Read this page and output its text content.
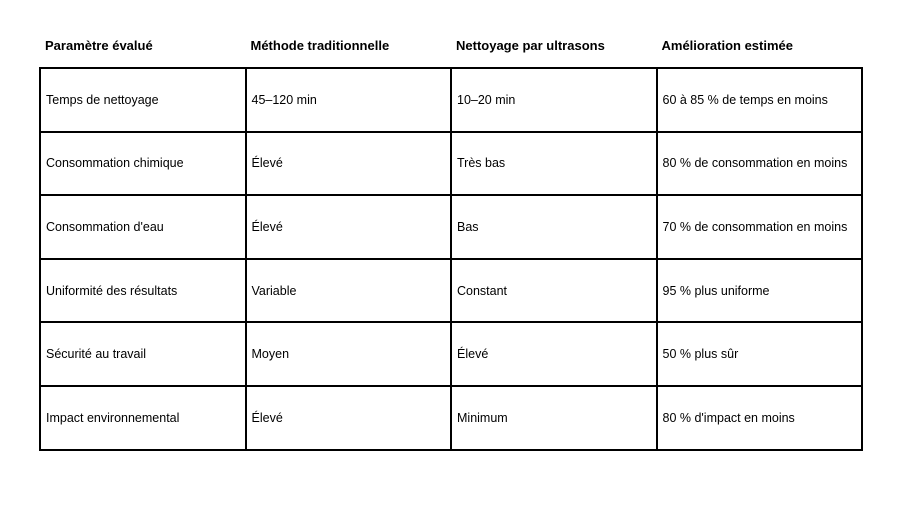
Paramètre évalué	Méthode traditionnelle	Nettoyage par ultrasons	Amélioration estimée
Temps de nettoyage	45–120 min	10–20 min	60 à 85 % de temps en moins
Consommation chimique	Élevé	Très bas	80 % de consommation en moins
Consommation d'eau	Élevé	Bas	70 % de consommation en moins
Uniformité des résultats	Variable	Constant	95 % plus uniforme
Sécurité au travail	Moyen	Élevé	50 % plus sûr
Impact environnemental	Élevé	Minimum	80 % d'impact en moins
